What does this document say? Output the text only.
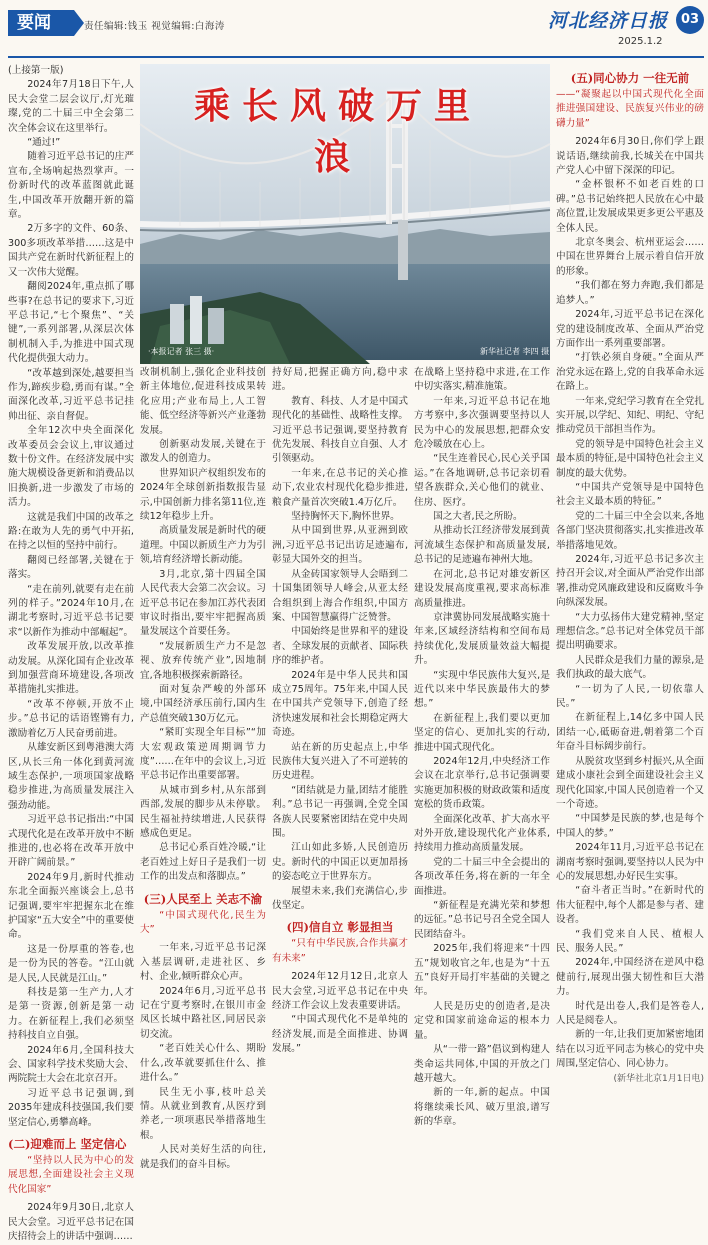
要闻	责任编辑:钱玉 视觉编辑:白海涛	河北经济日报 03
2025.1.2
乘长风破万里浪
·本报记者 张三 摄·	新华社记者 李四 摄

(上接第一版)

2024年7月18日下午,人民大会堂二层会议厅,灯光璀璨,党的二十届三中全会第二次全体会议在这里举行。

“通过!”

随着习近平总书记的庄严宣布,全场响起热烈掌声。一份新时代的改革蓝图就此诞生,中国改革开放翻开新的篇章。

2万多字的文件、60条、300多项改革举措……这是中国共产党在新时代新征程上的又一次伟大觉醒。

翻阅2024年,重点抓了哪些事?在总书记的要求下,习近平总书记,“七个聚焦”、“关键”,一系列部署,从深层次体制机制入手,为推进中国式现代化提供强大动力。

“改革越到深处,越要担当作为,蹄疾步稳,勇而有谋。”全面深化改革,习近平总书记挂帅出征、亲自督促。

全年12次中央全面深化改革委员会会议上,审议通过数十份文件。在经济发展中实施大规模设备更新和消费品以旧换新,进一步激发了市场的活力。

这就是我们中国的改革之路:在敢为人先的勇气中开拓,在持之以恒的坚持中前行。

翻阅已经部署,关键在于落实。

“走在前列,就要有走在前列的样子。”2024年10月,在湖北考察时,习近平总书记要求“以新作为推动中部崛起”。

改革发展开放,以改革推动发展。从深化国有企业改革到加强营商环境建设,各项改革措施扎实推进。

“改革不停顿,开放不止步。”总书记的话语铿锵有力,激励着亿万人民奋勇前进。

从雄安新区到粤港澳大湾区,从长三角一体化到黄河流域生态保护,一项项国家战略稳步推进,为高质量发展注入强劲动能。

习近平总书记指出:“中国式现代化是在改革开放中不断推进的,也必将在改革开放中开辟广阔前景。”

2024年9月,新时代推动东北全面振兴座谈会上,总书记强调,要牢牢把握东北在维护国家“五大安全”中的重要使命。

这是一份厚重的答卷,也是一份为民的答卷。“江山就是人民,人民就是江山。”

科技是第一生产力,人才是第一资源,创新是第一动力。在新征程上,我们必须坚持科技自立自强。

2024年6月,全国科技大会、国家科学技术奖励大会、两院院士大会在北京召开。

习近平总书记强调,到2035年建成科技强国,我们要坚定信心,勇攀高峰。

(二)迎难而上 坚定信心
“坚持以人民为中心的发展思想,全面建设社会主义现代化国家”

2024年9月30日,北京人民大会堂。习近平总书记在国庆招待会上的讲话中强调……

改制机制上,强化企业科技创新主体地位,促进科技成果转化应用;产业布局上,人工智能、低空经济等新兴产业蓬勃发展。

创新驱动发展,关键在于激发人的创造力。

世界知识产权组织发布的2024年全球创新指数报告显示,中国创新力排名第11位,连续12年稳步上升。

高质量发展是新时代的硬道理。中国以新质生产力为引领,培育经济增长新动能。

3月,北京,第十四届全国人民代表大会第二次会议。习近平总书记在参加江苏代表团审议时指出,要牢牢把握高质量发展这个首要任务。

“发展新质生产力不是忽视、放弃传统产业”,因地制宜,各地积极探索新路径。

面对复杂严峻的外部环境,中国经济承压前行,国内生产总值突破130万亿元。

“紧盯实现全年目标”“加大宏观政策逆周期调节力度”……在年中的会议上,习近平总书记作出重要部署。

从城市到乡村,从东部到西部,发展的脚步从未停歇。民生福祉持续增进,人民获得感成色更足。

总书记心系百姓冷暖,“让老百姓过上好日子是我们一切工作的出发点和落脚点。”

(三)人民至上 关志不渝
“中国式现代化,民生为大”

一年来,习近平总书记深入基层调研,走进社区、乡村、企业,倾听群众心声。

2024年6月,习近平总书记在宁夏考察时,在银川市金凤区长城中路社区,同居民亲切交流。

“老百姓关心什么、期盼什么,改革就要抓住什么、推进什么。”

民生无小事,枝叶总关情。从就业到教育,从医疗到养老,一项项惠民举措落地生根。

人民对美好生活的向往,就是我们的奋斗目标。

持好局,把握正确方向,稳中求进。

教育、科技、人才是中国式现代化的基础性、战略性支撑。习近平总书记强调,要坚持教育优先发展、科技自立自强、人才引领驱动。

一年来,在总书记的关心推动下,农业农村现代化稳步推进,粮食产量首次突破1.4万亿斤。

坚持胸怀天下,胸怀世界。

从中国到世界,从亚洲到欧洲,习近平总书记出访足迹遍布,彰显大国外交的担当。

从金砖国家领导人会晤到二十国集团领导人峰会,从亚太经合组织到上海合作组织,中国方案、中国智慧赢得广泛赞誉。

中国始终是世界和平的建设者、全球发展的贡献者、国际秩序的维护者。

2024年是中华人民共和国成立75周年。75年来,中国人民在中国共产党领导下,创造了经济快速发展和社会长期稳定两大奇迹。

站在新的历史起点上,中华民族伟大复兴进入了不可逆转的历史进程。

“团结就是力量,团结才能胜利。”总书记一再强调,全党全国各族人民要紧密团结在党中央周围。

江山如此多娇,人民创造历史。新时代的中国正以更加昂扬的姿态屹立于世界东方。

展望未来,我们充满信心,步伐坚定。

(四)信自立 彰显担当
“只有中华民族,合作共赢才有未来”

2024年12月12日,北京人民大会堂,习近平总书记在中央经济工作会议上发表重要讲话。

“中国式现代化不是单纯的经济发展,而是全面推进、协调发展。”

在战略上坚持稳中求进,在工作中切实落实,精准施策。

一年来,习近平总书记在地方考察中,多次强调要坚持以人民为中心的发展思想,把群众安危冷暖放在心上。

“民生连着民心,民心关乎国运。”在各地调研,总书记亲切看望各族群众,关心他们的就业、住房、医疗。

国之大者,民之所盼。

从推动长江经济带发展到黄河流域生态保护和高质量发展,总书记的足迹遍布神州大地。

在河北,总书记对雄安新区建设发展高度重视,要求高标准高质量推进。

京津冀协同发展战略实施十年来,区域经济结构和空间布局持续优化,发展质量效益大幅提升。

“实现中华民族伟大复兴,是近代以来中华民族最伟大的梦想。”

在新征程上,我们要以更加坚定的信心、更加扎实的行动,推进中国式现代化。

2024年12月,中央经济工作会议在北京举行,总书记强调要实施更加积极的财政政策和适度宽松的货币政策。

全面深化改革、扩大高水平对外开放,建设现代化产业体系,持续用力推动高质量发展。

党的二十届三中全会提出的各项改革任务,将在新的一年全面推进。

“新征程是充满光荣和梦想的远征。”总书记号召全党全国人民团结奋斗。

2025年,我们将迎来“十四五”规划收官之年,也是为“十五五”良好开局打牢基础的关键之年。

人民是历史的创造者,是决定党和国家前途命运的根本力量。

从“一带一路”倡议到构建人类命运共同体,中国的开放之门越开越大。

新的一年,新的起点。中国将继续乘长风、破万里浪,谱写新的华章。

(五)同心协力 一往无前
——“凝聚起以中国式现代化全面推进强国建设、民族复兴伟业的磅礴力量”

2024年6月30日,你们学上跟说话语,继续前我,长城关在中国共产党人心中留下深深的印记。

“金杯银杯不如老百姓的口碑。”总书记始终把人民放在心中最高位置,让发展成果更多更公平惠及全体人民。

北京冬奥会、杭州亚运会……中国在世界舞台上展示着自信开放的形象。

“我们都在努力奔跑,我们都是追梦人。”

2024年,习近平总书记在深化党的建设制度改革、全面从严治党方面作出一系列重要部署。

“打铁必须自身硬。”全面从严治党永远在路上,党的自我革命永远在路上。

一年来,党纪学习教育在全党扎实开展,以学纪、知纪、明纪、守纪推动党员干部担当作为。

党的领导是中国特色社会主义最本质的特征,是中国特色社会主义制度的最大优势。

“中国共产党领导是中国特色社会主义最本质的特征。”

党的二十届三中全会以来,各地各部门坚决贯彻落实,扎实推进改革举措落地见效。

2024年,习近平总书记多次主持召开会议,对全面从严治党作出部署,推动党风廉政建设和反腐败斗争向纵深发展。

“大力弘扬伟大建党精神,坚定理想信念。”总书记对全体党员干部提出明确要求。

人民群众是我们力量的源泉,是我们执政的最大底气。

“一切为了人民,一切依靠人民。”

在新征程上,14亿多中国人民团结一心,砥砺奋进,朝着第二个百年奋斗目标阔步前行。

从脱贫攻坚到乡村振兴,从全面建成小康社会到全面建设社会主义现代化国家,中国人民创造着一个又一个奇迹。

“中国梦是民族的梦,也是每个中国人的梦。”

2024年11月,习近平总书记在湖南考察时强调,要坚持以人民为中心的发展思想,办好民生实事。

“奋斗者正当时。”在新时代的伟大征程中,每个人都是参与者、建设者。

“我们党来自人民、植根人民、服务人民。”

2024年,中国经济在逆风中稳健前行,展现出强大韧性和巨大潜力。

时代是出卷人,我们是答卷人,人民是阅卷人。

新的一年,让我们更加紧密地团结在以习近平同志为核心的党中央周围,坚定信心、同心协力。

(新华社北京1月1日电)
